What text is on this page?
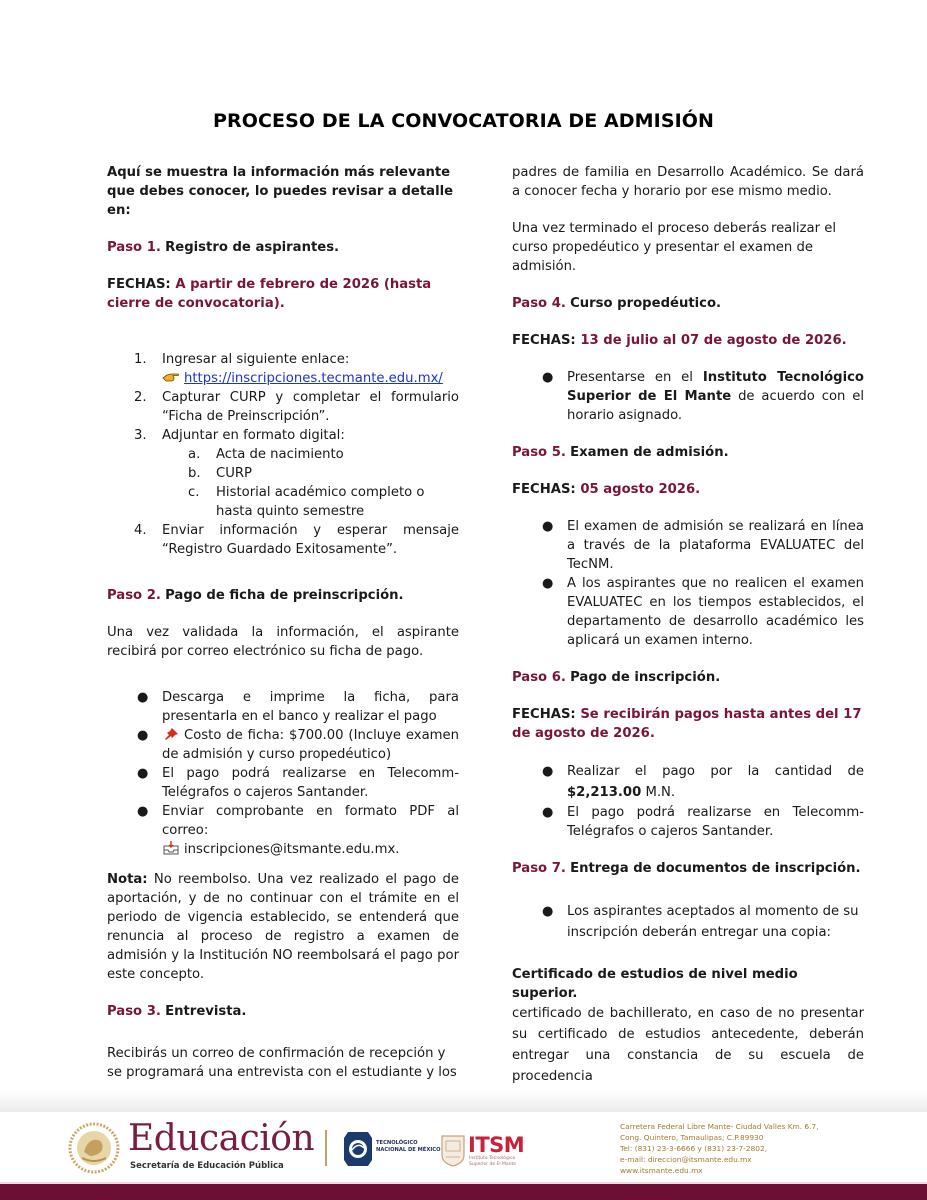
PROCESO DE LA CONVOCATORIA DE ADMISIÓN

Aquí se muestra la información más relevante que debes conocer, lo puedes revisar a detalle en:

Paso 1. Registro de aspirantes.

FECHAS: A partir de febrero de 2026 (hasta cierre de convocatoria).

1. Ingresar al siguiente enlace:
https://inscripciones.tecmante.edu.mx/
2. Capturar CURP y completar el formulario “Ficha de Preinscripción”.
3. Adjuntar en formato digital:
a. Acta de nacimiento
b. CURP
c. Historial académico completo o hasta quinto semestre
4. Enviar información y esperar mensaje “Registro Guardado Exitosamente”.

Paso 2. Pago de ficha de preinscripción.

Una vez validada la información, el aspirante recibirá por correo electrónico su ficha de pago.

● Descarga e imprime la ficha, para presentarla en el banco y realizar el pago
●	Costo de ficha: $700.00 (Incluye examen de admisión y curso propedéutico)
● El pago podrá realizarse en Telecomm-Telégrafos o cajeros Santander.
● Enviar comprobante en formato PDF al correo:
inscripciones@itsmante.edu.mx.

Nota: No reembolso. Una vez realizado el pago de aportación, y de no continuar con el trámite en el periodo de vigencia establecido, se entenderá que renuncia al proceso de registro a examen de admisión y la Institución NO reembolsará el pago por este concepto.

Paso 3. Entrevista.

Recibirás un correo de confirmación de recepción y se programará una entrevista con el estudiante y los

padres de familia en Desarrollo Académico. Se dará a conocer fecha y horario por ese mismo medio.

Una vez terminado el proceso deberás realizar el curso propedéutico y presentar el examen de admisión.

Paso 4. Curso propedéutico.

FECHAS: 13 de julio al 07 de agosto de 2026.

● Presentarse en el Instituto Tecnológico Superior de El Mante de acuerdo con el horario asignado.

Paso 5. Examen de admisión.

FECHAS: 05 agosto 2026.

● El examen de admisión se realizará en línea a través de la plataforma EVALUATEC del TecNM.
● A los aspirantes que no realicen el examen EVALUATEC en los tiempos establecidos, el departamento de desarrollo académico les aplicará un examen interno.

Paso 6. Pago de inscripción.

FECHAS: Se recibirán pagos hasta antes del 17 de agosto de 2026.

● Realizar el pago por la cantidad de $2,213.00 M.N.
● El pago podrá realizarse en Telecomm-Telégrafos o cajeros Santander.

Paso 7. Entrega de documentos de inscripción.

● Los aspirantes aceptados al momento de su inscripción deberán entregar una copia:

Certificado de estudios de nivel medio superior.

certificado de bachillerato, en caso de no presentar su certificado de estudios antecedente, deberán entregar una constancia de su escuela de procedencia

Educación
Secretaría de Educación Pública
TECNOLÓGICO
NACIONAL DE MÉXICO ITSM
Instituto Tecnológico
Superior de El Mante
Carretera Federal Libre Mante- Ciudad Valles Km. 6.7,
Cong. Quintero, Tamaulipas; C.P.89930
Tel: (831) 23-3-6666 y (831) 23-7-2802,
e-mail: direccion@itsmante.edu.mx
www.itsmante.edu.mx
